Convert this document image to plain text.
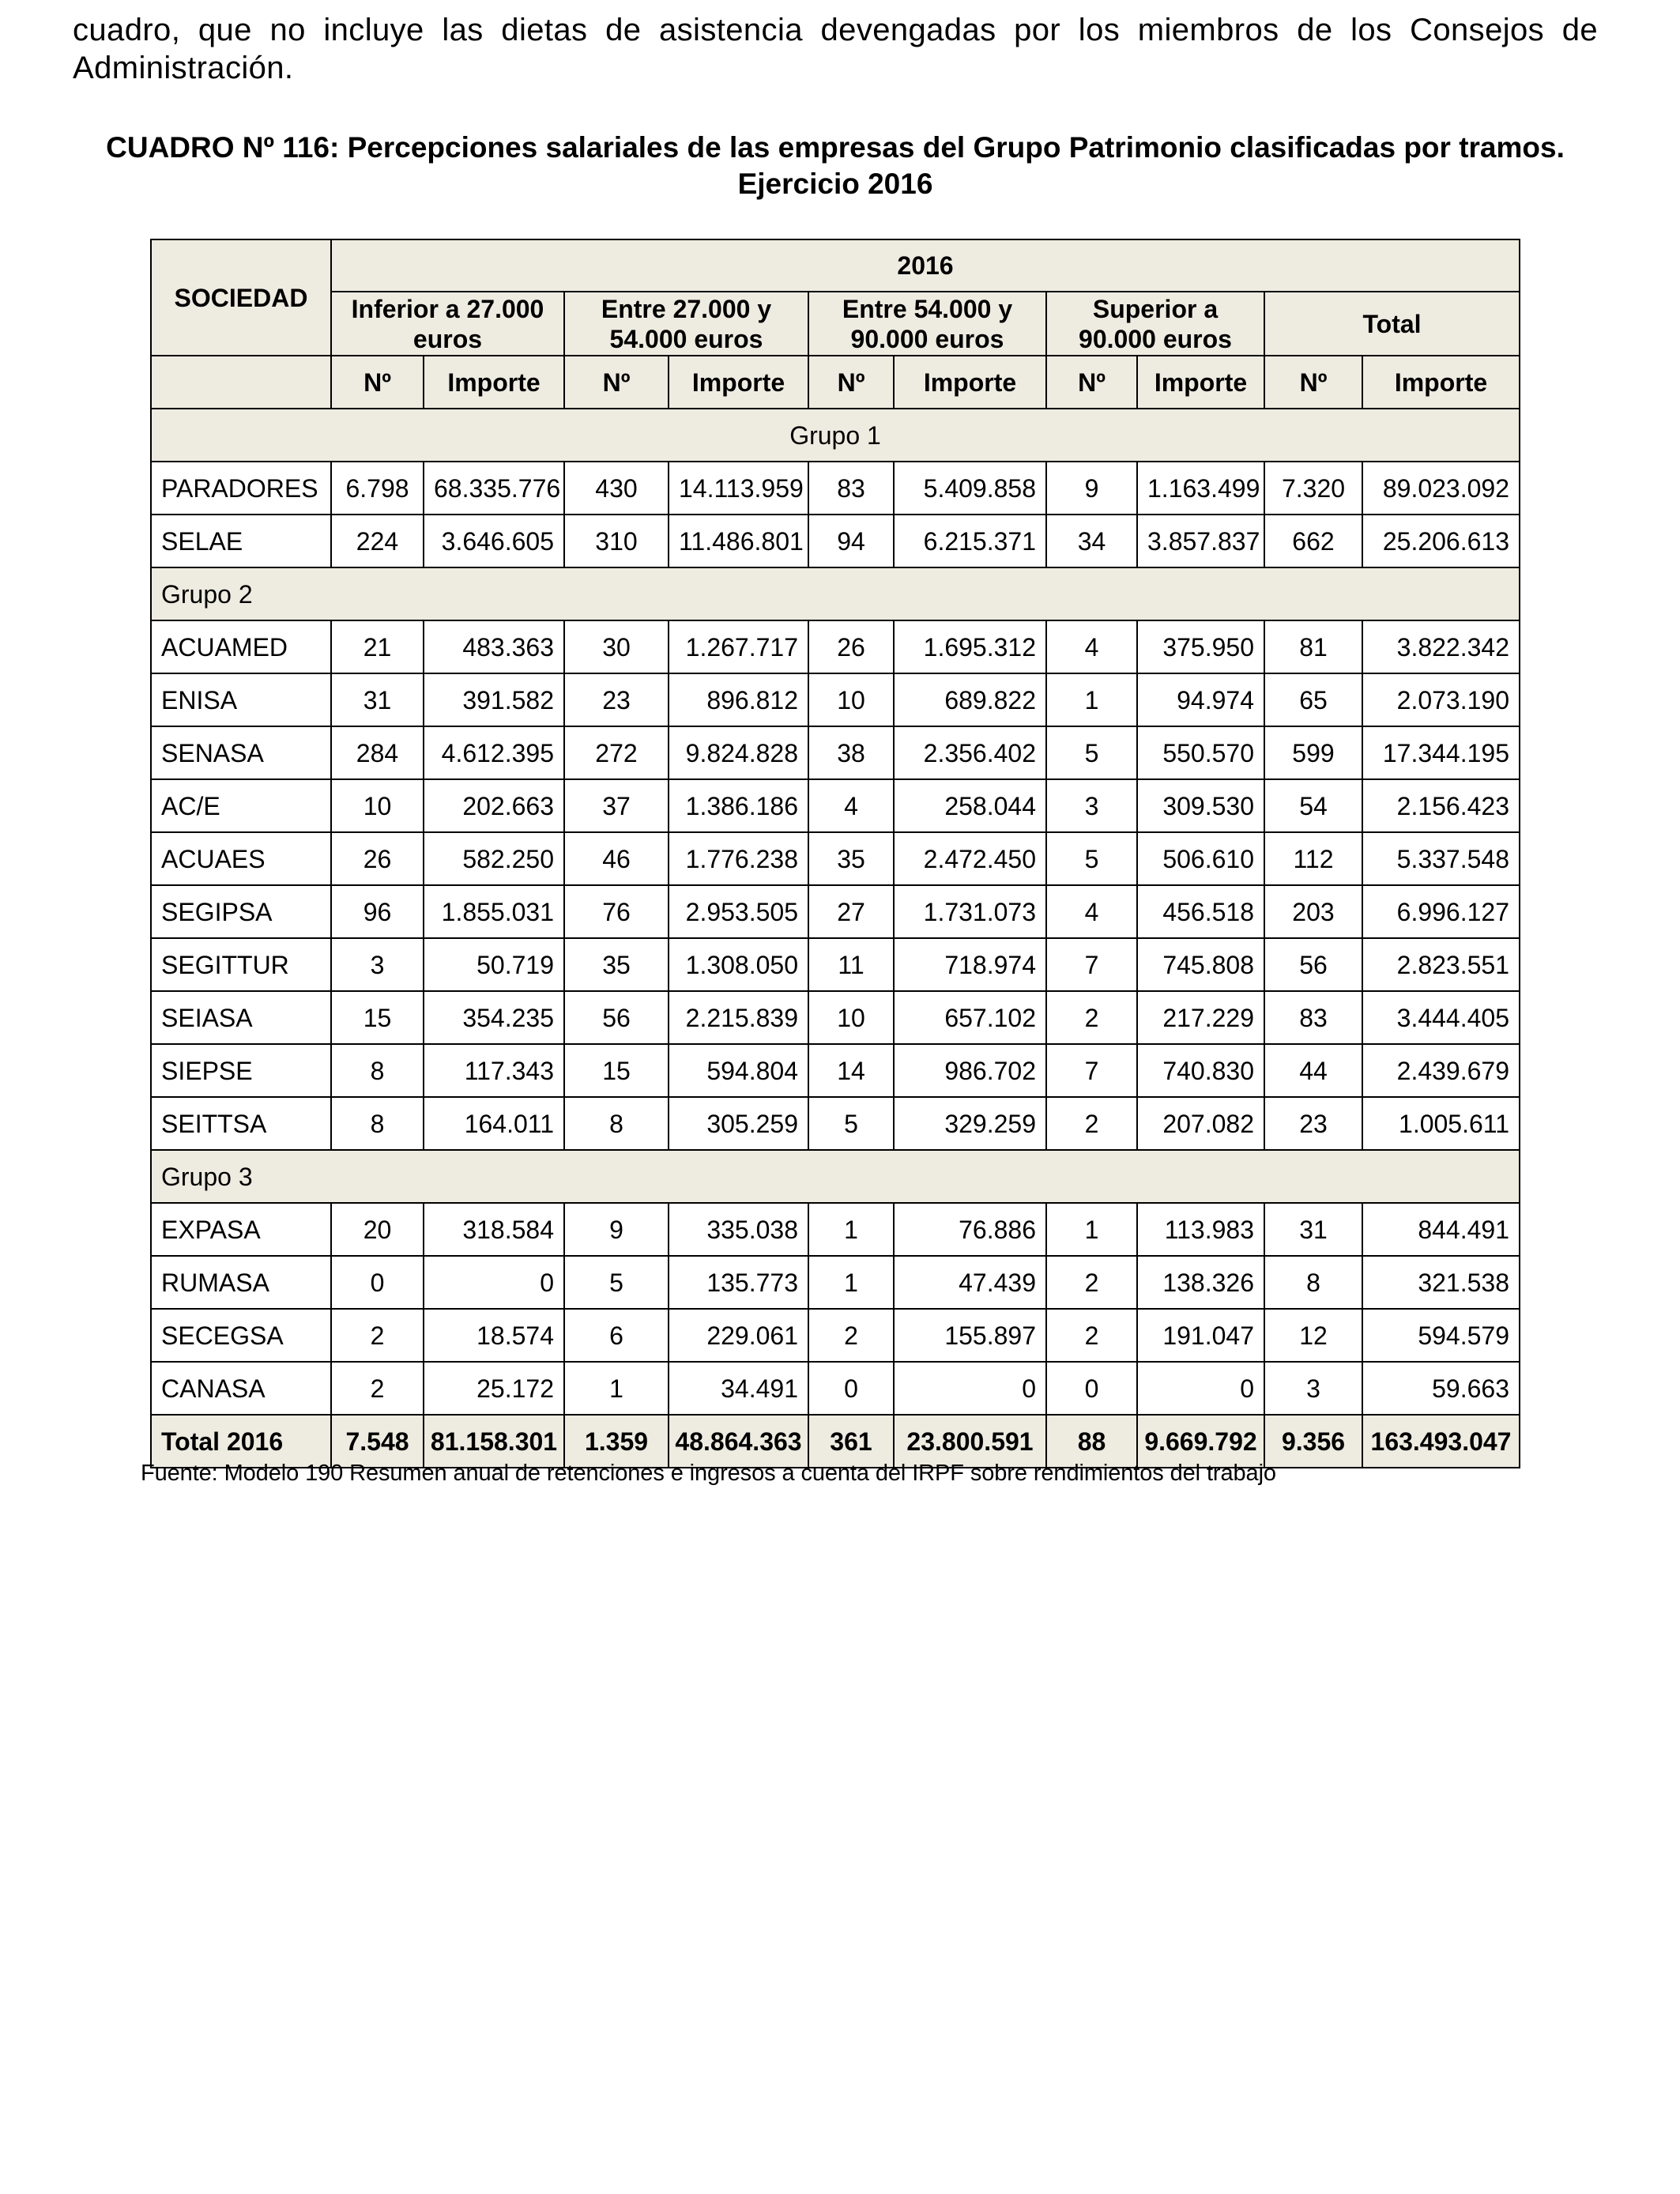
cuadro, que no incluye las dietas de asistencia devengadas por los miembros de los Consejos de Administración.
CUADRO Nº 116: Percepciones salariales de las empresas del Grupo Patrimonio clasificadas por tramos. Ejercicio 2016
SOCIEDAD	2016									
	Inferior a 27.000 euros		Entre 27.000 y 54.000 euros		Entre 54.000 y 90.000 euros		Superior a 90.000 euros		Total	
	Nº	Importe	Nº	Importe	Nº	Importe	Nº	Importe	Nº	Importe
Grupo 1										
PARADORES	6.798	68.335.776	430	14.113.959	83	5.409.858	9	1.163.499	7.320	89.023.092
SELAE	224	3.646.605	310	11.486.801	94	6.215.371	34	3.857.837	662	25.206.613
Grupo 2										
ACUAMED	21	483.363	30	1.267.717	26	1.695.312	4	375.950	81	3.822.342
ENISA	31	391.582	23	896.812	10	689.822	1	94.974	65	2.073.190
SENASA	284	4.612.395	272	9.824.828	38	2.356.402	5	550.570	599	17.344.195
AC/E	10	202.663	37	1.386.186	4	258.044	3	309.530	54	2.156.423
ACUAES	26	582.250	46	1.776.238	35	2.472.450	5	506.610	112	5.337.548
SEGIPSA	96	1.855.031	76	2.953.505	27	1.731.073	4	456.518	203	6.996.127
SEGITTUR	3	50.719	35	1.308.050	11	718.974	7	745.808	56	2.823.551
SEIASA	15	354.235	56	2.215.839	10	657.102	2	217.229	83	3.444.405
SIEPSE	8	117.343	15	594.804	14	986.702	7	740.830	44	2.439.679
SEITTSA	8	164.011	8	305.259	5	329.259	2	207.082	23	1.005.611
Grupo 3										
EXPASA	20	318.584	9	335.038	1	76.886	1	113.983	31	844.491
RUMASA	0	0	5	135.773	1	47.439	2	138.326	8	321.538
SECEGSA	2	18.574	6	229.061	2	155.897	2	191.047	12	594.579
CANASA	2	25.172	1	34.491	0	0	0	0	3	59.663
Total 2016	7.548	81.158.301	1.359	48.864.363	361	23.800.591	88	9.669.792	9.356	163.493.047
Fuente: Modelo 190 Resumen anual de retenciones e ingresos a cuenta del IRPF sobre rendimientos del trabajo
